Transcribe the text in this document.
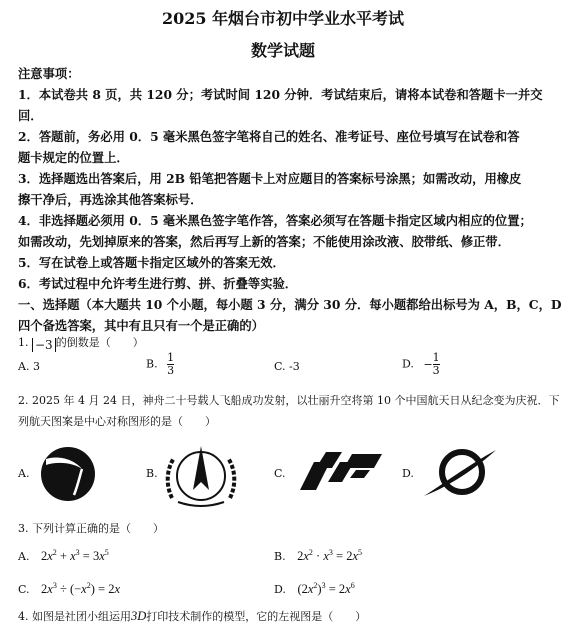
2025 年烟台市初中学业水平考试
数学试题
注意事项：
1．本试卷共 8 页，共 120 分；考试时间 120 分钟．考试结束后，请将本试卷和答题卡一并交
回．
2．答题前，务必用 0．5 毫米黑色签字笔将自己的姓名、准考证号、座位号填写在试卷和答
题卡规定的位置上．
3．选择题选出答案后，用 2B 铅笔把答题卡上对应题目的答案标号涂黑；如需改动，用橡皮
擦干净后，再选涂其他答案标号．
4．非选择题必须用 0．5 毫米黑色签字笔作答，答案必须写在答题卡指定区域内相应的位置；
如需改动，先划掉原来的答案，然后再写上新的答案；不能使用涂改液、胶带纸、修正带．
5．写在试卷上或答题卡指定区域外的答案无效．
6．考试过程中允许考生进行剪、拼、折叠等实验．
一、选择题（本大题共 10 个小题，每小题 3 分，满分 30 分．每小题都给出标号为 A，B，C，D
四个备选答案，其中有且只有一个是正确的）
1. −3 的倒数是（　　）
A. 3	B. $\frac{1}{3}$	C. -3	D. − $\frac{1}{3}$
2. 2025 年 4 月 24 日，神舟二十号载人飞船成功发射，以壮丽升空将第 10 个中国航天日从纪念变为庆祝．下
列航天图案是中心对称图形的是（　　）
A.	B.	C.	D.
3. 下列计算正确的是（　　）
A. $2x^2 + x^3 = 3x^5$	B. $2x^2 \cdot x^3 = 2x^5$
C. $2x^3 \div (-x^2) = 2x$	D. $(2x^2)^3 = 2x^6$
4. 如图是社团小组运用3D打印技术制作的模型，它的左视图是（　　）
